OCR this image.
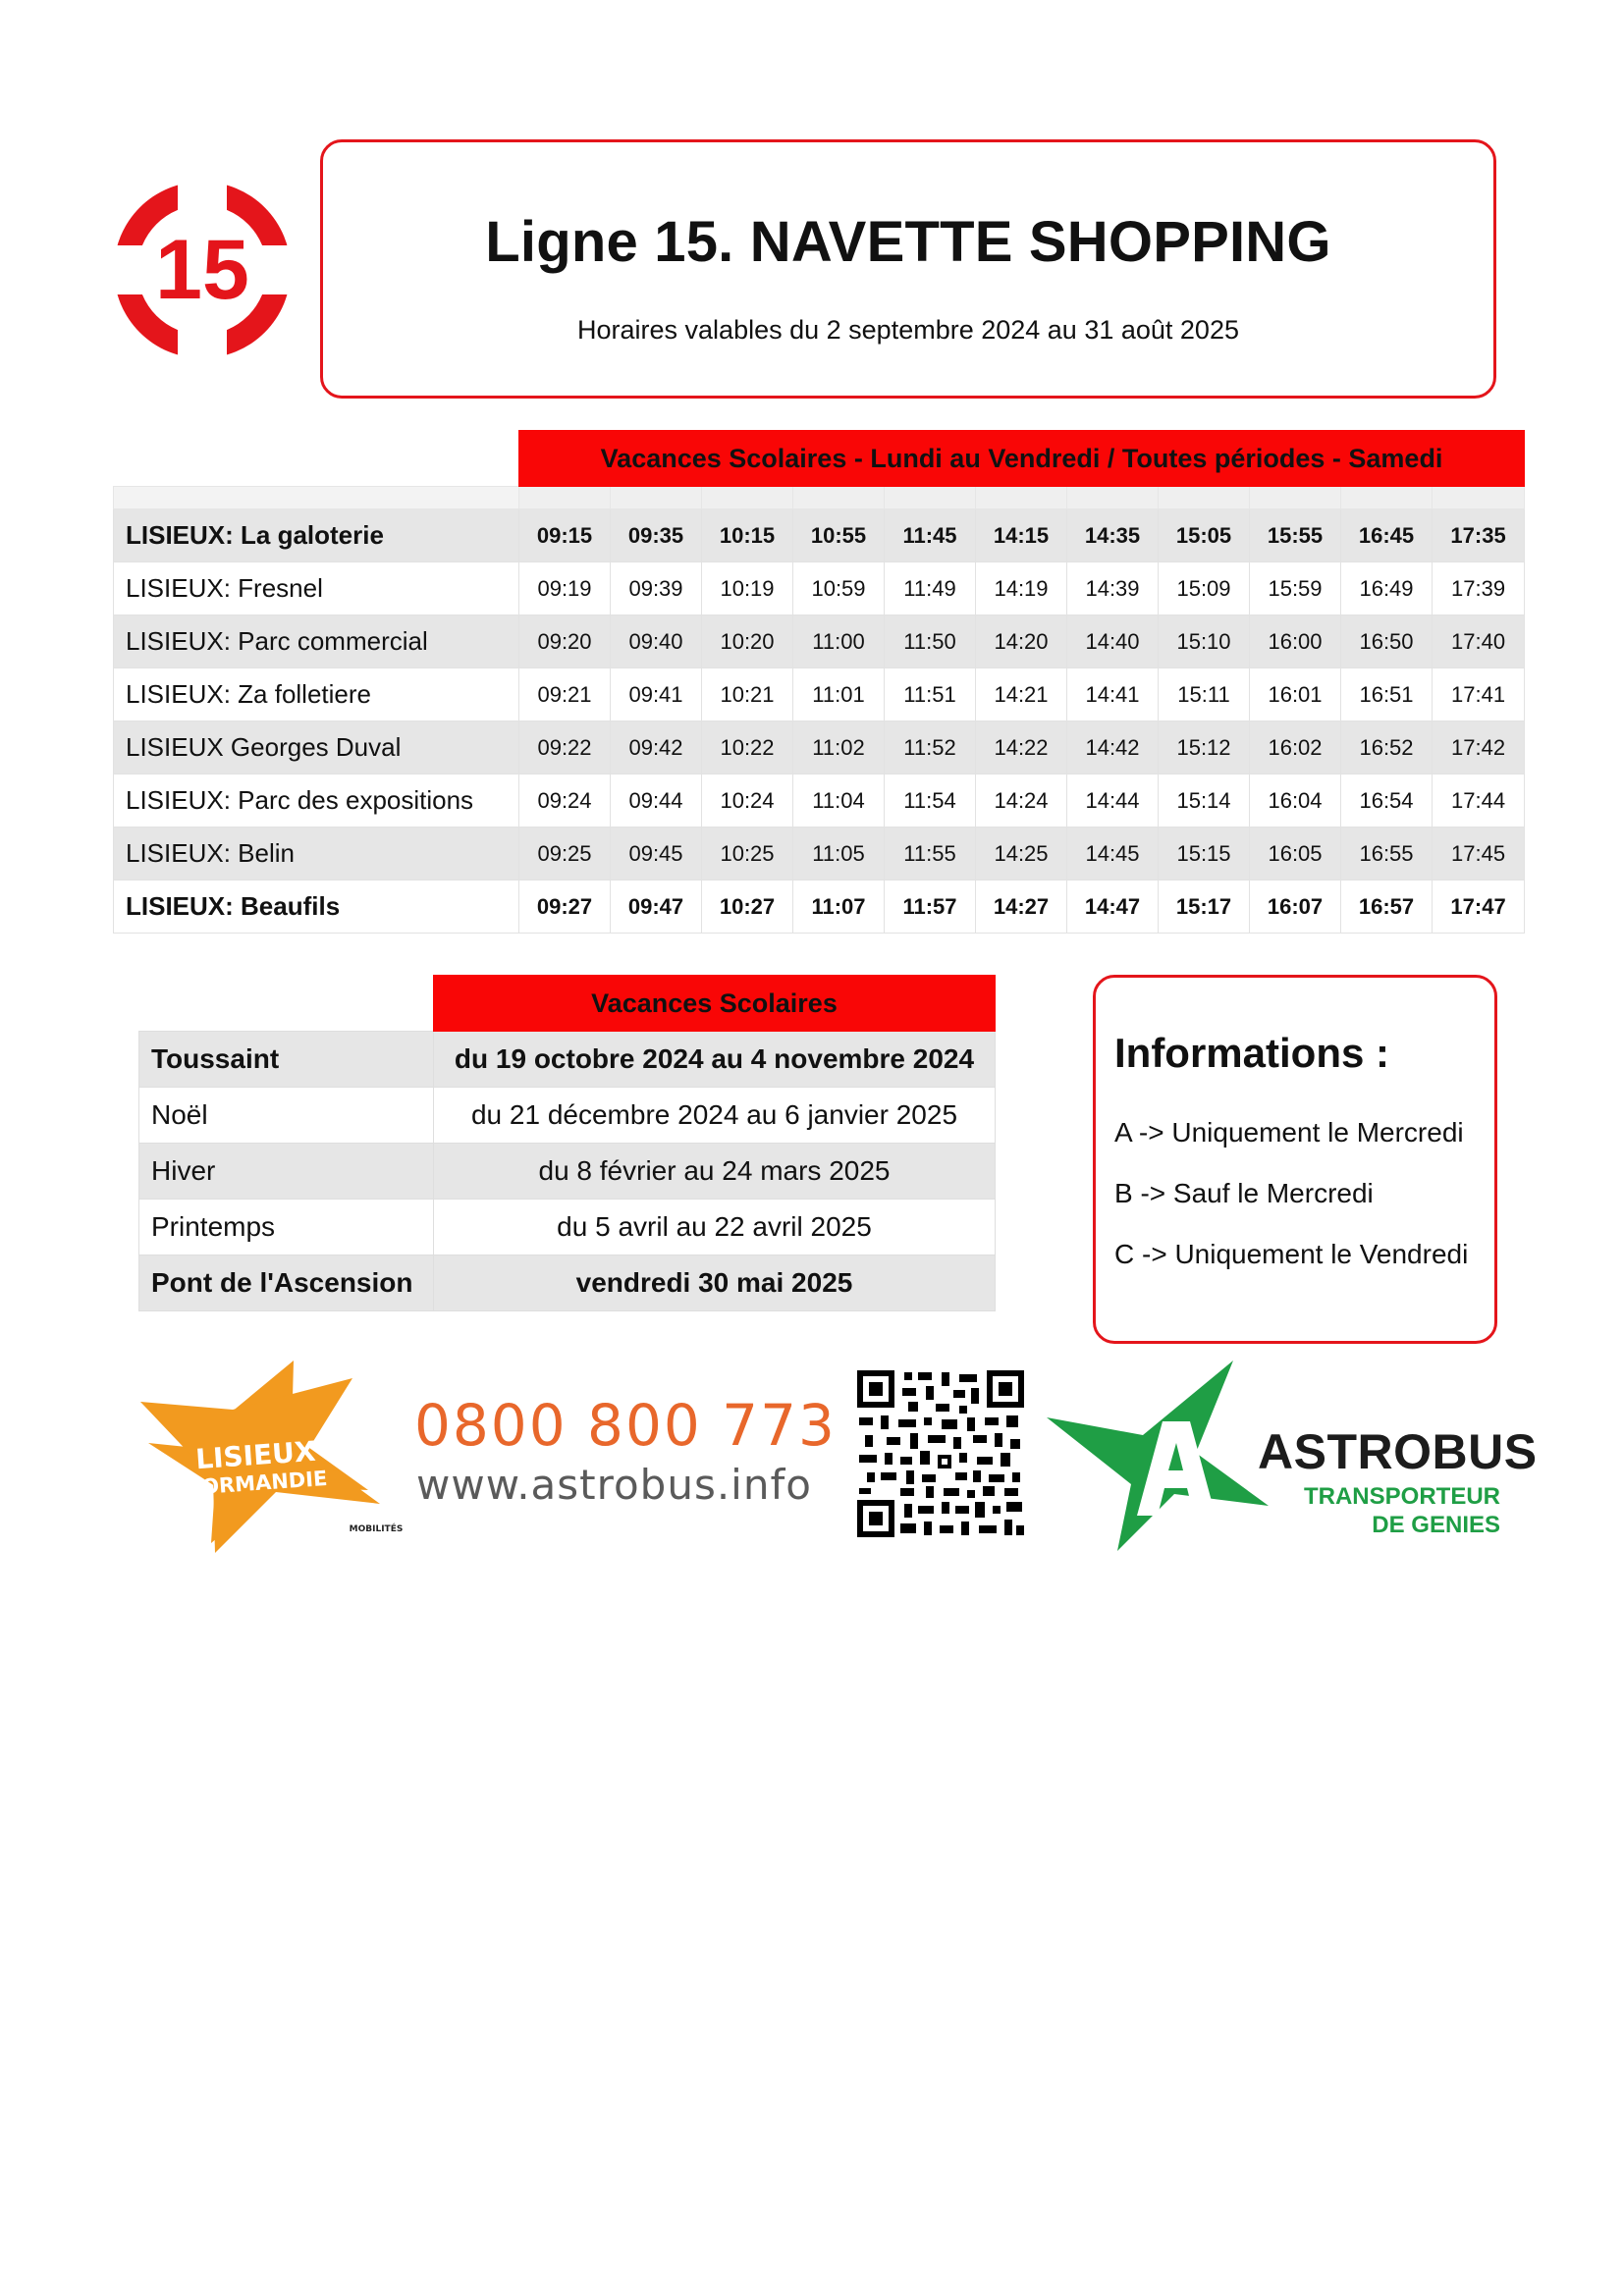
15	Ligne 15. NAVETTE SHOPPING
Horaires valables du 2 septembre 2024 au 31 août 2025
	Vacances Scolaires - Lundi au Vendredi / Toutes périodes - Samedi										

LISIEUX: La galoterie	09:15	09:35	10:15	10:55	11:45	14:15	14:35	15:05	15:55	16:45	17:35
LISIEUX: Fresnel	09:19	09:39	10:19	10:59	11:49	14:19	14:39	15:09	15:59	16:49	17:39
LISIEUX: Parc commercial	09:20	09:40	10:20	11:00	11:50	14:20	14:40	15:10	16:00	16:50	17:40
LISIEUX: Za folletiere	09:21	09:41	10:21	11:01	11:51	14:21	14:41	15:11	16:01	16:51	17:41
LISIEUX Georges Duval	09:22	09:42	10:22	11:02	11:52	14:22	14:42	15:12	16:02	16:52	17:42
LISIEUX: Parc des expositions	09:24	09:44	10:24	11:04	11:54	14:24	14:44	15:14	16:04	16:54	17:44
LISIEUX: Belin	09:25	09:45	10:25	11:05	11:55	14:25	14:45	15:15	16:05	16:55	17:45
LISIEUX: Beaufils	09:27	09:47	10:27	11:07	11:57	14:27	14:47	15:17	16:07	16:57	17:47
	Vacances Scolaires
Toussaint	du 19 octobre 2024 au 4 novembre 2024
Noël	du 21 décembre 2024 au 6 janvier 2025
Hiver	du 8 février au 24 mars 2025
Printemps	du 5 avril au 22 avril 2025
Pont de l'Ascension	vendredi 30 mai 2025
Informations :
A -> Uniquement le Mercredi
B -> Sauf le Mercredi
C -> Uniquement le Vendredi
LISIEUX
NORMANDIE
MOBILITÉS
0800 800 773
www.astrobus.info
ASTROBUS
TRANSPORTEUR
DE GENIES
